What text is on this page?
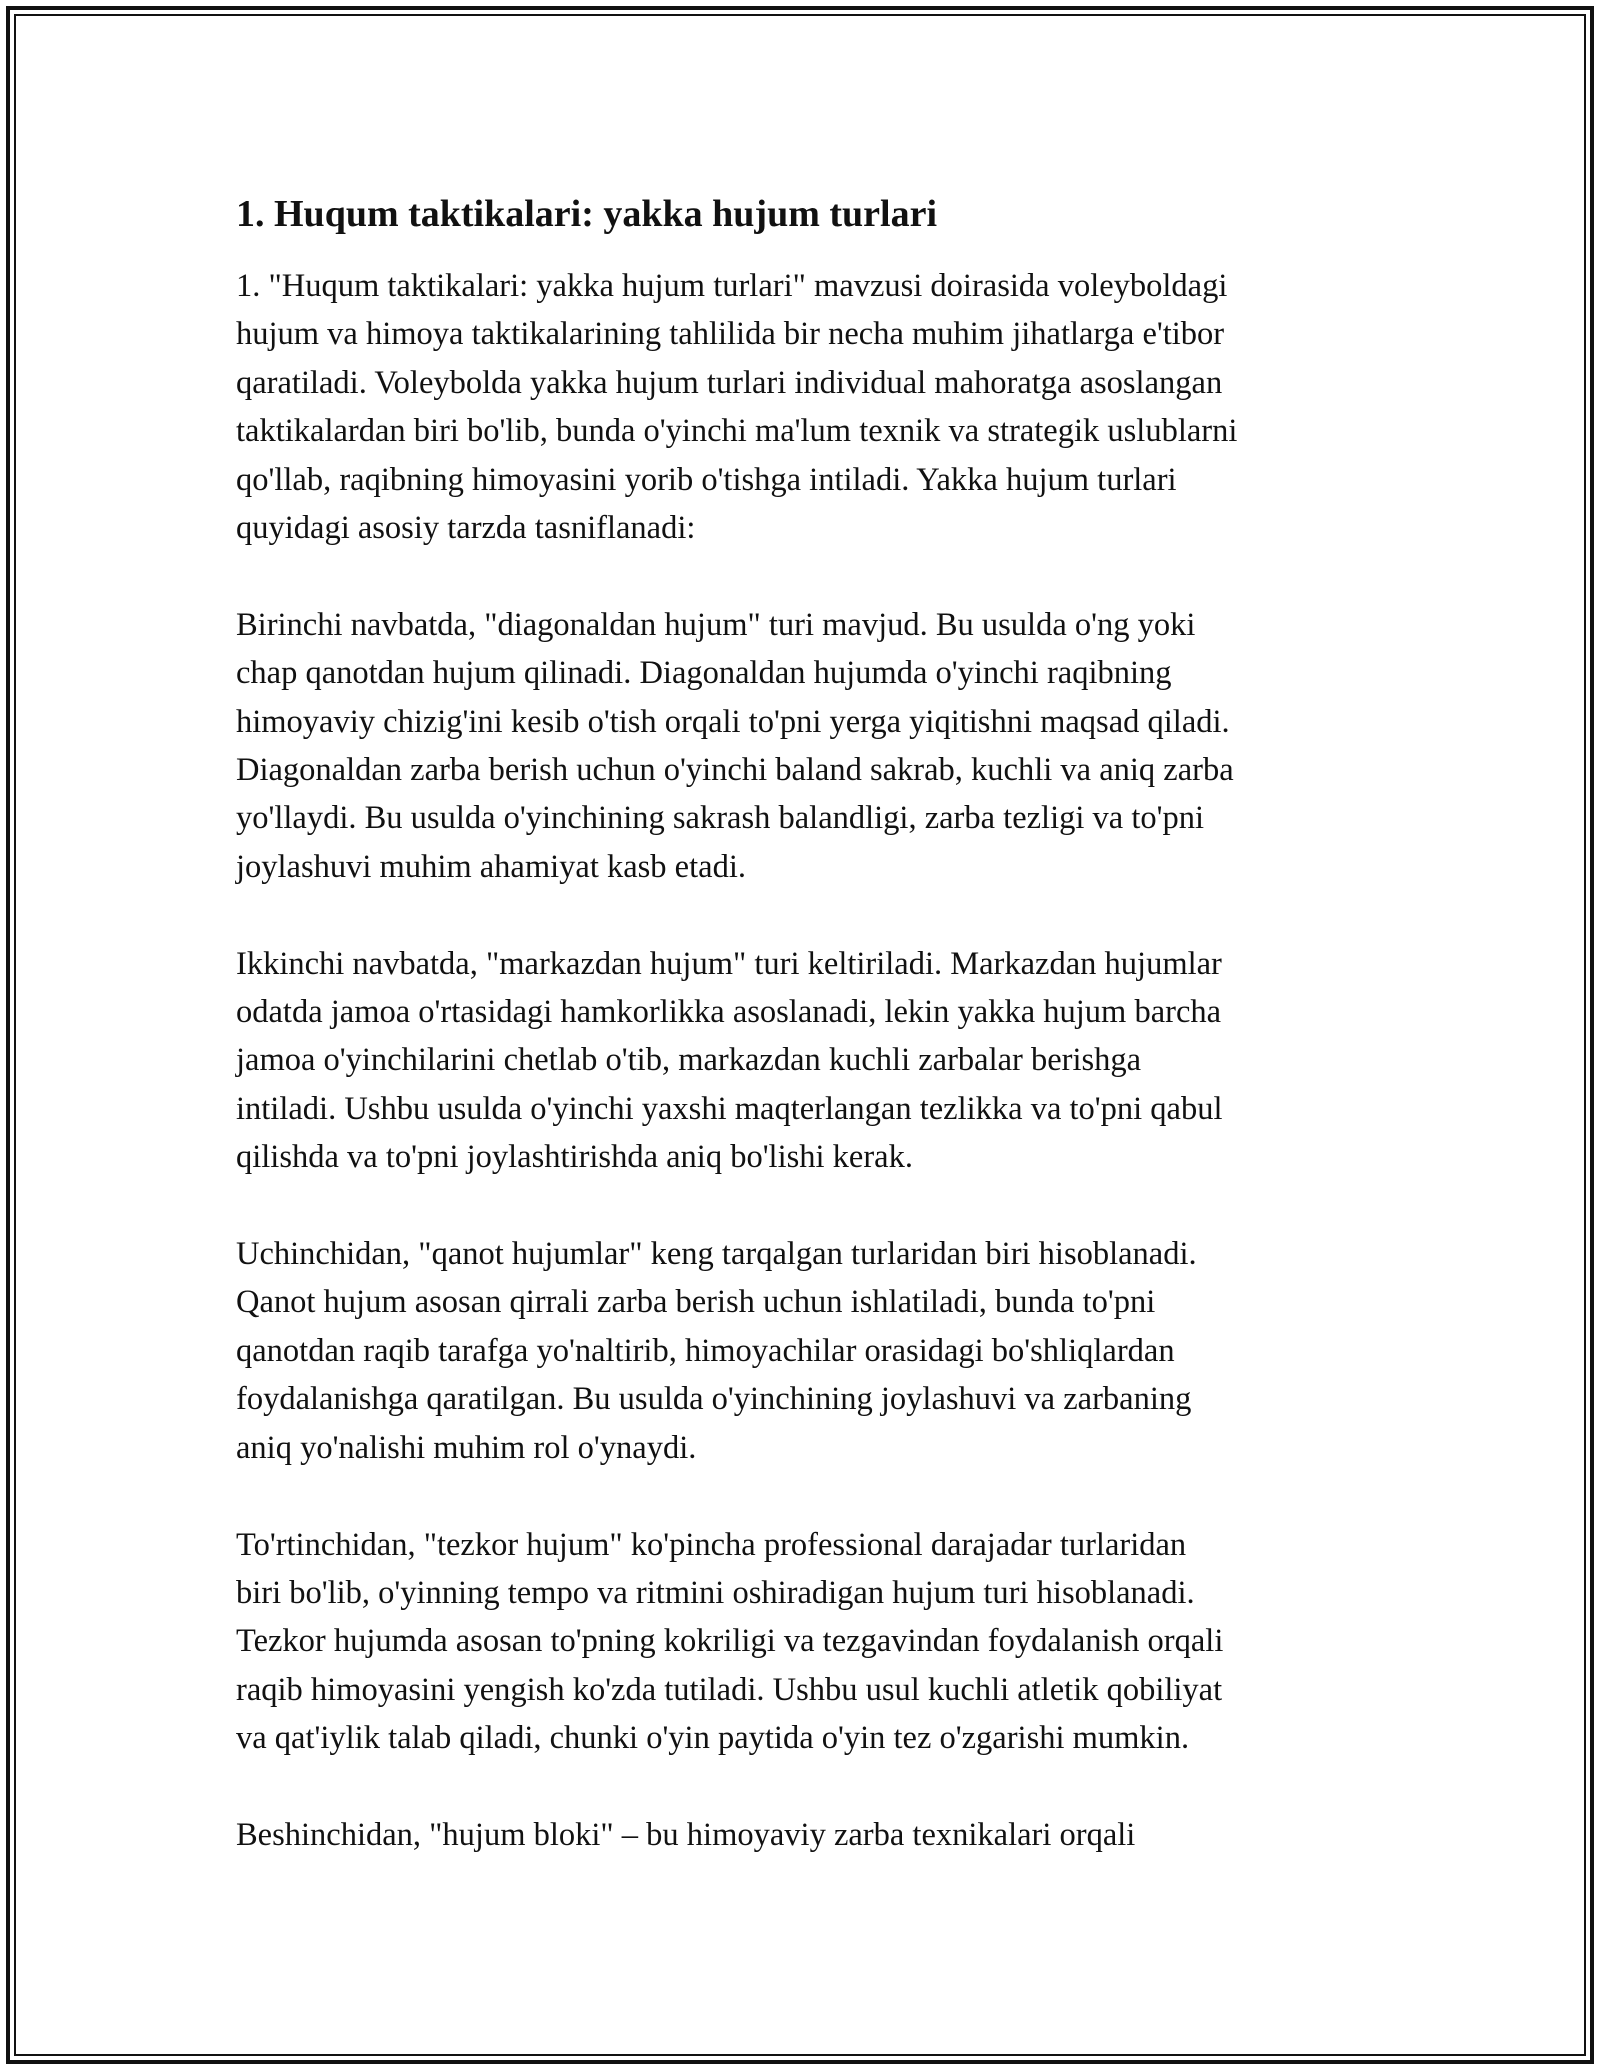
1. Huqum taktikalari: yakka hujum turlari

1. "Huqum taktikalari: yakka hujum turlari" mavzusi doirasida voleyboldagi
hujum va himoya taktikalarining tahlilida bir necha muhim jihatlarga e'tibor
qaratiladi. Voleybolda yakka hujum turlari individual mahoratga asoslangan
taktikalardan biri bo'lib, bunda o'yinchi ma'lum texnik va strategik uslublarni
qo'llab, raqibning himoyasini yorib o'tishga intiladi. Yakka hujum turlari
quyidagi asosiy tarzda tasniflanadi:

Birinchi navbatda, "diagonaldan hujum" turi mavjud. Bu usulda o'ng yoki
chap qanotdan hujum qilinadi. Diagonaldan hujumda o'yinchi raqibning
himoyaviy chizig'ini kesib o'tish orqali to'pni yerga yiqitishni maqsad qiladi.
Diagonaldan zarba berish uchun o'yinchi baland sakrab, kuchli va aniq zarba
yo'llaydi. Bu usulda o'yinchining sakrash balandligi, zarba tezligi va to'pni
joylashuvi muhim ahamiyat kasb etadi.

Ikkinchi navbatda, "markazdan hujum" turi keltiriladi. Markazdan hujumlar
odatda jamoa o'rtasidagi hamkorlikka asoslanadi, lekin yakka hujum barcha
jamoa o'yinchilarini chetlab o'tib, markazdan kuchli zarbalar berishga
intiladi. Ushbu usulda o'yinchi yaxshi maqterlangan tezlikka va to'pni qabul
qilishda va to'pni joylashtirishda aniq bo'lishi kerak.

Uchinchidan, "qanot hujumlar" keng tarqalgan turlaridan biri hisoblanadi.
Qanot hujum asosan qirrali zarba berish uchun ishlatiladi, bunda to'pni
qanotdan raqib tarafga yo'naltirib, himoyachilar orasidagi bo'shliqlardan
foydalanishga qaratilgan. Bu usulda o'yinchining joylashuvi va zarbaning
aniq yo'nalishi muhim rol o'ynaydi.

To'rtinchidan, "tezkor hujum" ko'pincha professional darajadar turlaridan
biri bo'lib, o'yinning tempo va ritmini oshiradigan hujum turi hisoblanadi.
Tezkor hujumda asosan to'pning kokriligi va tezgavindan foydalanish orqali
raqib himoyasini yengish ko'zda tutiladi. Ushbu usul kuchli atletik qobiliyat
va qat'iylik talab qiladi, chunki o'yin paytida o'yin tez o'zgarishi mumkin.

Beshinchidan, "hujum bloki" – bu himoyaviy zarba texnikalari orqali
